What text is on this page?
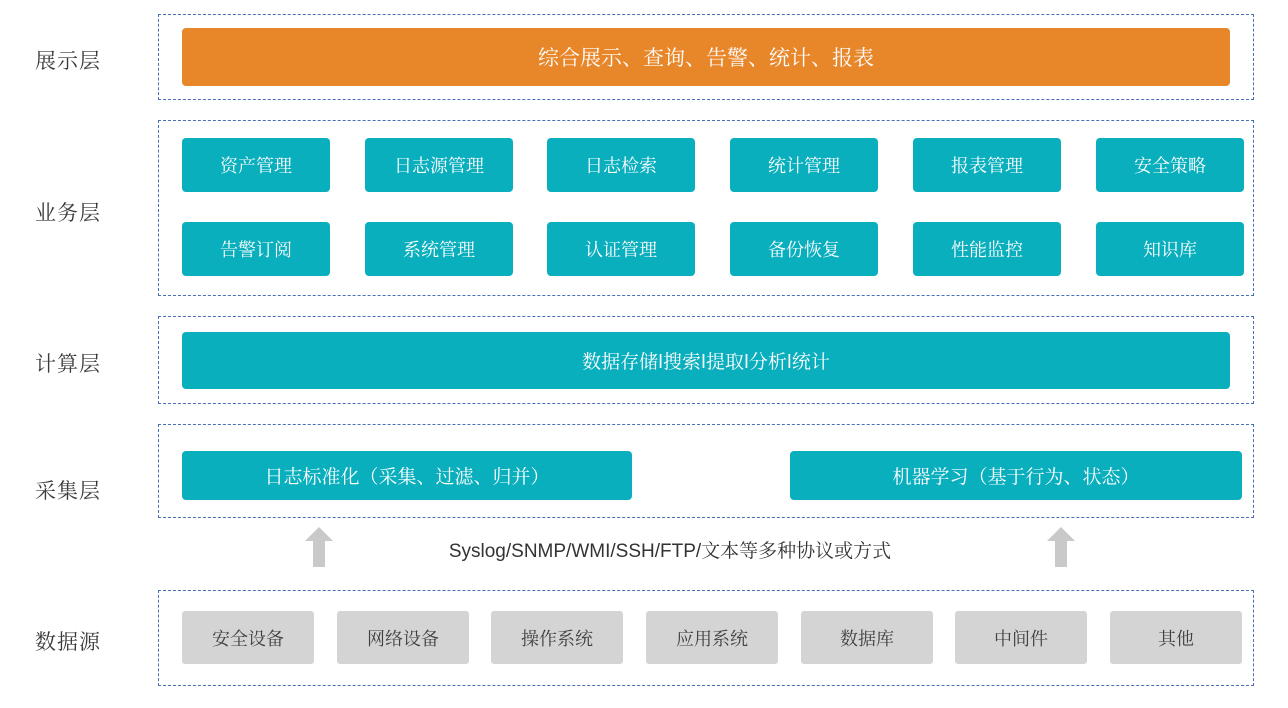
展示层	综合展示、查询、告警、统计、报表
业务层
资产管理	日志源管理	日志检索	统计管理	报表管理	安全策略
告警订阅	系统管理	认证管理	备份恢复	性能监控	知识库
计算层	数据存储ǀ搜索ǀ提取ǀ分析ǀ统计
采集层
日志标准化（采集、过滤、归并）	机器学习（基于行为、状态）
Syslog/SNMP/WMI/SSH/FTP/文本等多种协议或方式
数据源	安全设备	网络设备	操作系统	应用系统	数据库	中间件	其他
